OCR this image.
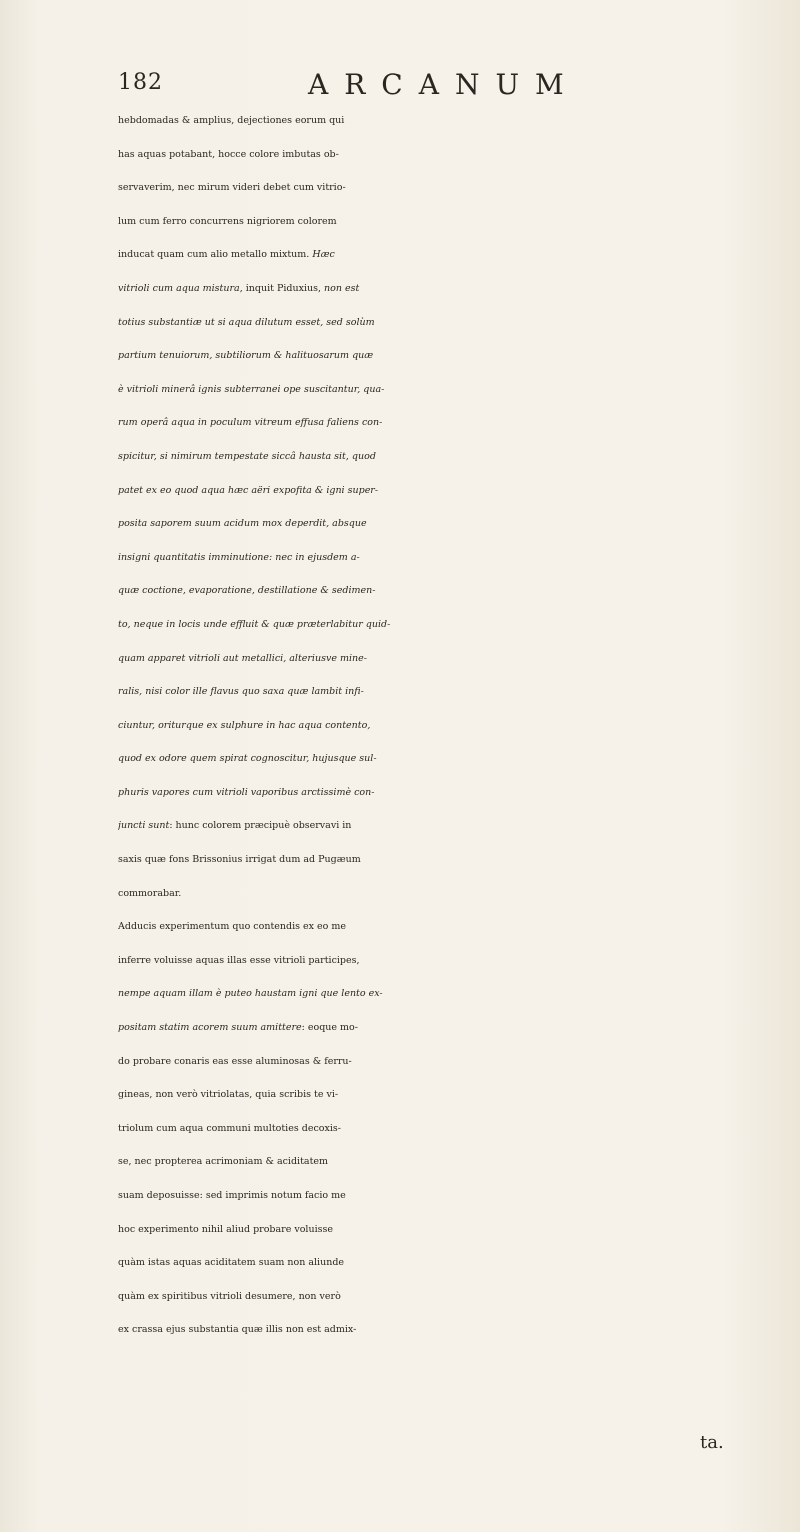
182	ARCANUM
hebdomadas & amplius, dejectiones eorum qui
has aquas potabant, hocce colore imbutas ob-
servaverim, nec mirum videri debet cum vitrio-
lum cum ferro concurrens nigriorem colorem
inducat quam cum alio metallo mixtum. Hæc
vitrioli cum aqua mistura, inquit Piduxius, non est
totius substantiæ ut si aqua dilutum esset, sed solùm
partium tenuiorum, subtiliorum & halituosarum quæ
è vitrioli minerâ ignis subterranei ope suscitantur, qua-
rum operâ aqua in poculum vitreum effusa faliens con-
spicitur, si nimirum tempestate siccâ hausta sit, quod
patet ex eo quod aqua hæc aëri expofita & igni super-
posita saporem suum acidum mox deperdit, absque
insigni quantitatis imminutione: nec in ejusdem a-
quæ coctione, evaporatione, destillatione & sedimen-
to, neque in locis unde effluit & quæ præterlabitur quid-
quam apparet vitrioli aut metallici, alteriusve mine-
ralis, nisi color ille flavus quo saxa quæ lambit infi-
ciuntur, oriturque ex sulphure in hac aqua contento,
quod ex odore quem spirat cognoscitur, hujusque sul-
phuris vapores cum vitrioli vaporibus arctissimè con-
juncti sunt: hunc colorem præcipuè observavi in
saxis quæ fons Brissonius irrigat dum ad Pugæum
commorabar.
Adducis experimentum quo contendis ex eo me
inferre voluisse aquas illas esse vitrioli participes,
nempe aquam illam è puteo haustam igni que lento ex-
positam statim acorem suum amittere: eoque mo-
do probare conaris eas esse aluminosas & ferru-
gineas, non verò vitriolatas, quia scribis te vi-
triolum cum aqua communi multoties decoxis-
se, nec propterea acrimoniam & aciditatem
suam deposuisse: sed imprimis notum facio me
hoc experimento nihil aliud probare voluisse
quàm istas aquas aciditatem suam non aliunde
quàm ex spiritibus vitrioli desumere, non verò
ex crassa ejus substantia quæ illis non est admix-
ta.
